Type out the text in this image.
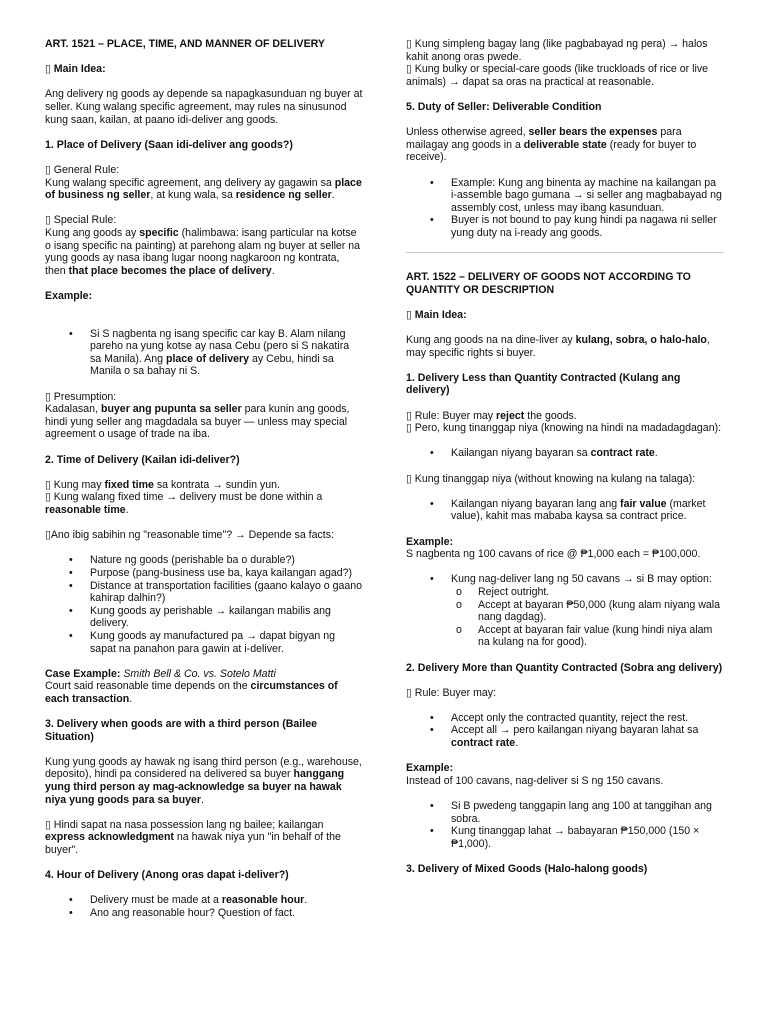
ART. 1521 – PLACE, TIME, AND MANNER OF DELIVERY

▯ Main Idea:

Ang delivery ng goods ay depende sa napagkasunduan ng buyer at seller. Kung walang specific agreement, may rules na sinusunod kung saan, kailan, at paano idi-deliver ang goods.

1. Place of Delivery (Saan idi-deliver ang goods?)

▯ General Rule:
Kung walang specific agreement, ang delivery ay gagawin sa place of business ng seller, at kung wala, sa residence ng seller.

▯ Special Rule:
Kung ang goods ay specific (halimbawa: isang particular na kotse o isang specific na painting) at parehong alam ng buyer at seller na yung goods ay nasa ibang lugar noong nagkaroon ng kontrata, then that place becomes the place of delivery.

Example:

• Si S nagbenta ng isang specific car kay B. Alam nilang pareho na yung kotse ay nasa Cebu (pero si S nakatira sa Manila). Ang place of delivery ay Cebu, hindi sa Manila o sa bahay ni S.

▯ Presumption:
Kadalasan, buyer ang pupunta sa seller para kunin ang goods, hindi yung seller ang magdadala sa buyer — unless may special agreement o usage of trade na iba.

2. Time of Delivery (Kailan idi-deliver?)

▯ Kung may fixed time sa kontrata → sundin yun.
▯ Kung walang fixed time → delivery must be done within a reasonable time.

▯Ano ibig sabihin ng "reasonable time"? → Depende sa facts:

• Nature ng goods (perishable ba o durable?)
• Purpose (pang-business use ba, kaya kailangan agad?)
• Distance at transportation facilities (gaano kalayo o gaano kahirap dalhin?)
• Kung goods ay perishable → kailangan mabilis ang delivery.
• Kung goods ay manufactured pa → dapat bigyan ng sapat na panahon para gawin at i-deliver.

Case Example: Smith Bell & Co. vs. Sotelo Matti
Court said reasonable time depends on the circumstances of each transaction.

3. Delivery when goods are with a third person (Bailee Situation)

Kung yung goods ay hawak ng isang third person (e.g., warehouse, deposito), hindi pa considered na delivered sa buyer hanggang yung third person ay mag-acknowledge sa buyer na hawak niya yung goods para sa buyer.

▯ Hindi sapat na nasa possession lang ng bailee; kailangan express acknowledgment na hawak niya yun "in behalf of the buyer".

4. Hour of Delivery (Anong oras dapat i-deliver?)

• Delivery must be made at a reasonable hour.
• Ano ang reasonable hour? Question of fact.

▯ Kung simpleng bagay lang (like pagbabayad ng pera) → halos kahit anong oras pwede.
▯ Kung bulky or special-care goods (like truckloads of rice or live animals) → dapat sa oras na practical at reasonable.

5. Duty of Seller: Deliverable Condition

Unless otherwise agreed, seller bears the expenses para mailagay ang goods in a deliverable state (ready for buyer to receive).

• Example: Kung ang binenta ay machine na kailangan pa i-assemble bago gumana → si seller ang magbabayad ng assembly cost, unless may ibang kasunduan.
• Buyer is not bound to pay kung hindi pa nagawa ni seller yung duty na i-ready ang goods.

ART. 1522 – DELIVERY OF GOODS NOT ACCORDING TO QUANTITY OR DESCRIPTION

▯ Main Idea:

Kung ang goods na na dine-liver ay kulang, sobra, o halo-halo, may specific rights si buyer.

1. Delivery Less than Quantity Contracted (Kulang ang delivery)

▯ Rule: Buyer may reject the goods.
▯ Pero, kung tinanggap niya (knowing na hindi na madadagdagan):

• Kailangan niyang bayaran sa contract rate.

▯ Kung tinanggap niya (without knowing na kulang na talaga):

• Kailangan niyang bayaran lang ang fair value (market value), kahit mas mababa kaysa sa contract price.

Example:
S nagbenta ng 100 cavans of rice @ ₱1,000 each = ₱100,000.

• Kung nag-deliver lang ng 50 cavans → si B may option:
o Reject outright.
o Accept at bayaran ₱50,000 (kung alam niyang wala nang dagdag).
o Accept at bayaran fair value (kung hindi niya alam na kulang na for good).

2. Delivery More than Quantity Contracted (Sobra ang delivery)

▯ Rule: Buyer may:

• Accept only the contracted quantity, reject the rest.
• Accept all → pero kailangan niyang bayaran lahat sa contract rate.

Example:
Instead of 100 cavans, nag-deliver si S ng 150 cavans.

• Si B pwedeng tanggapin lang ang 100 at tanggihan ang sobra.
• Kung tinanggap lahat → babayaran ₱150,000 (150 × ₱1,000).

3. Delivery of Mixed Goods (Halo-halong goods)
